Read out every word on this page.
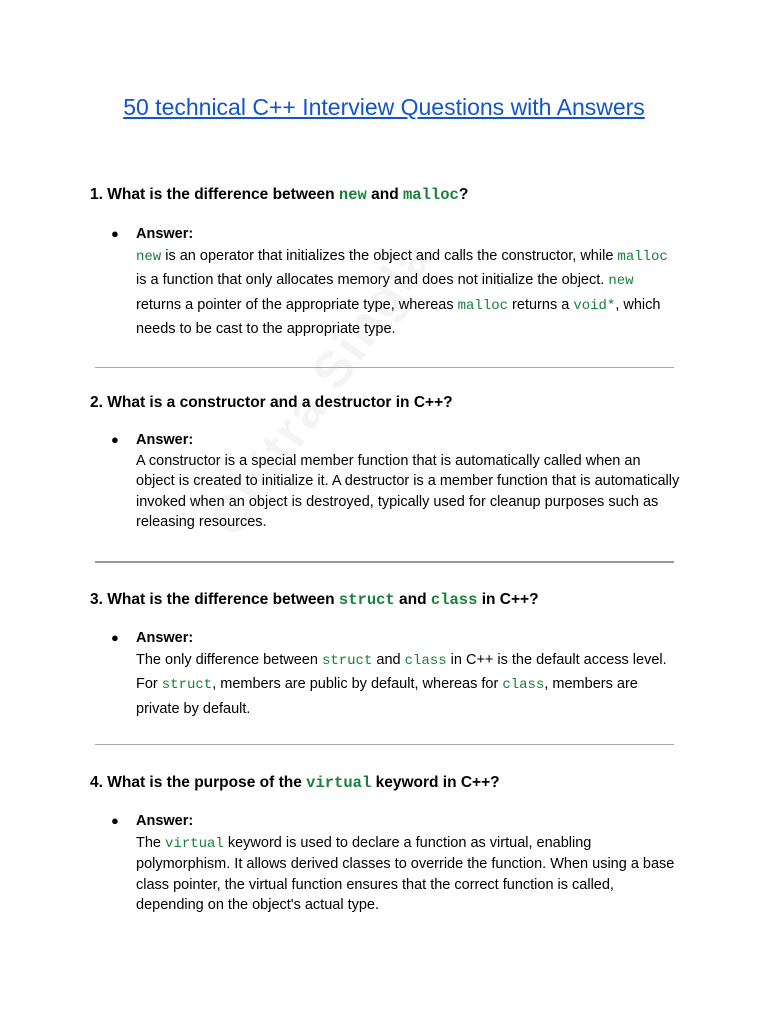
50 technical C++ Interview Questions with Answers

1. What is the difference between new and malloc?

● Answer:

new is an operator that initializes the object and calls the constructor, while malloc is a function that only allocates memory and does not initialize the object. new returns a pointer of the appropriate type, whereas malloc returns a void*, which needs to be cast to the appropriate type.

2. What is a constructor and a destructor in C++?

● Answer:

A constructor is a special member function that is automatically called when an object is created to initialize it. A destructor is a member function that is automatically invoked when an object is destroyed, typically used for cleanup purposes such as releasing resources.

3. What is the difference between struct and class in C++?

● Answer:

The only difference between struct and class in C++ is the default access level. For struct, members are public by default, whereas for class, members are private by default.

4. What is the purpose of the virtual keyword in C++?

● Answer:

The virtual keyword is used to declare a function as virtual, enabling polymorphism. It allows derived classes to override the function. When using a base class pointer, the virtual function ensures that the correct function is called, depending on the object's actual type.
